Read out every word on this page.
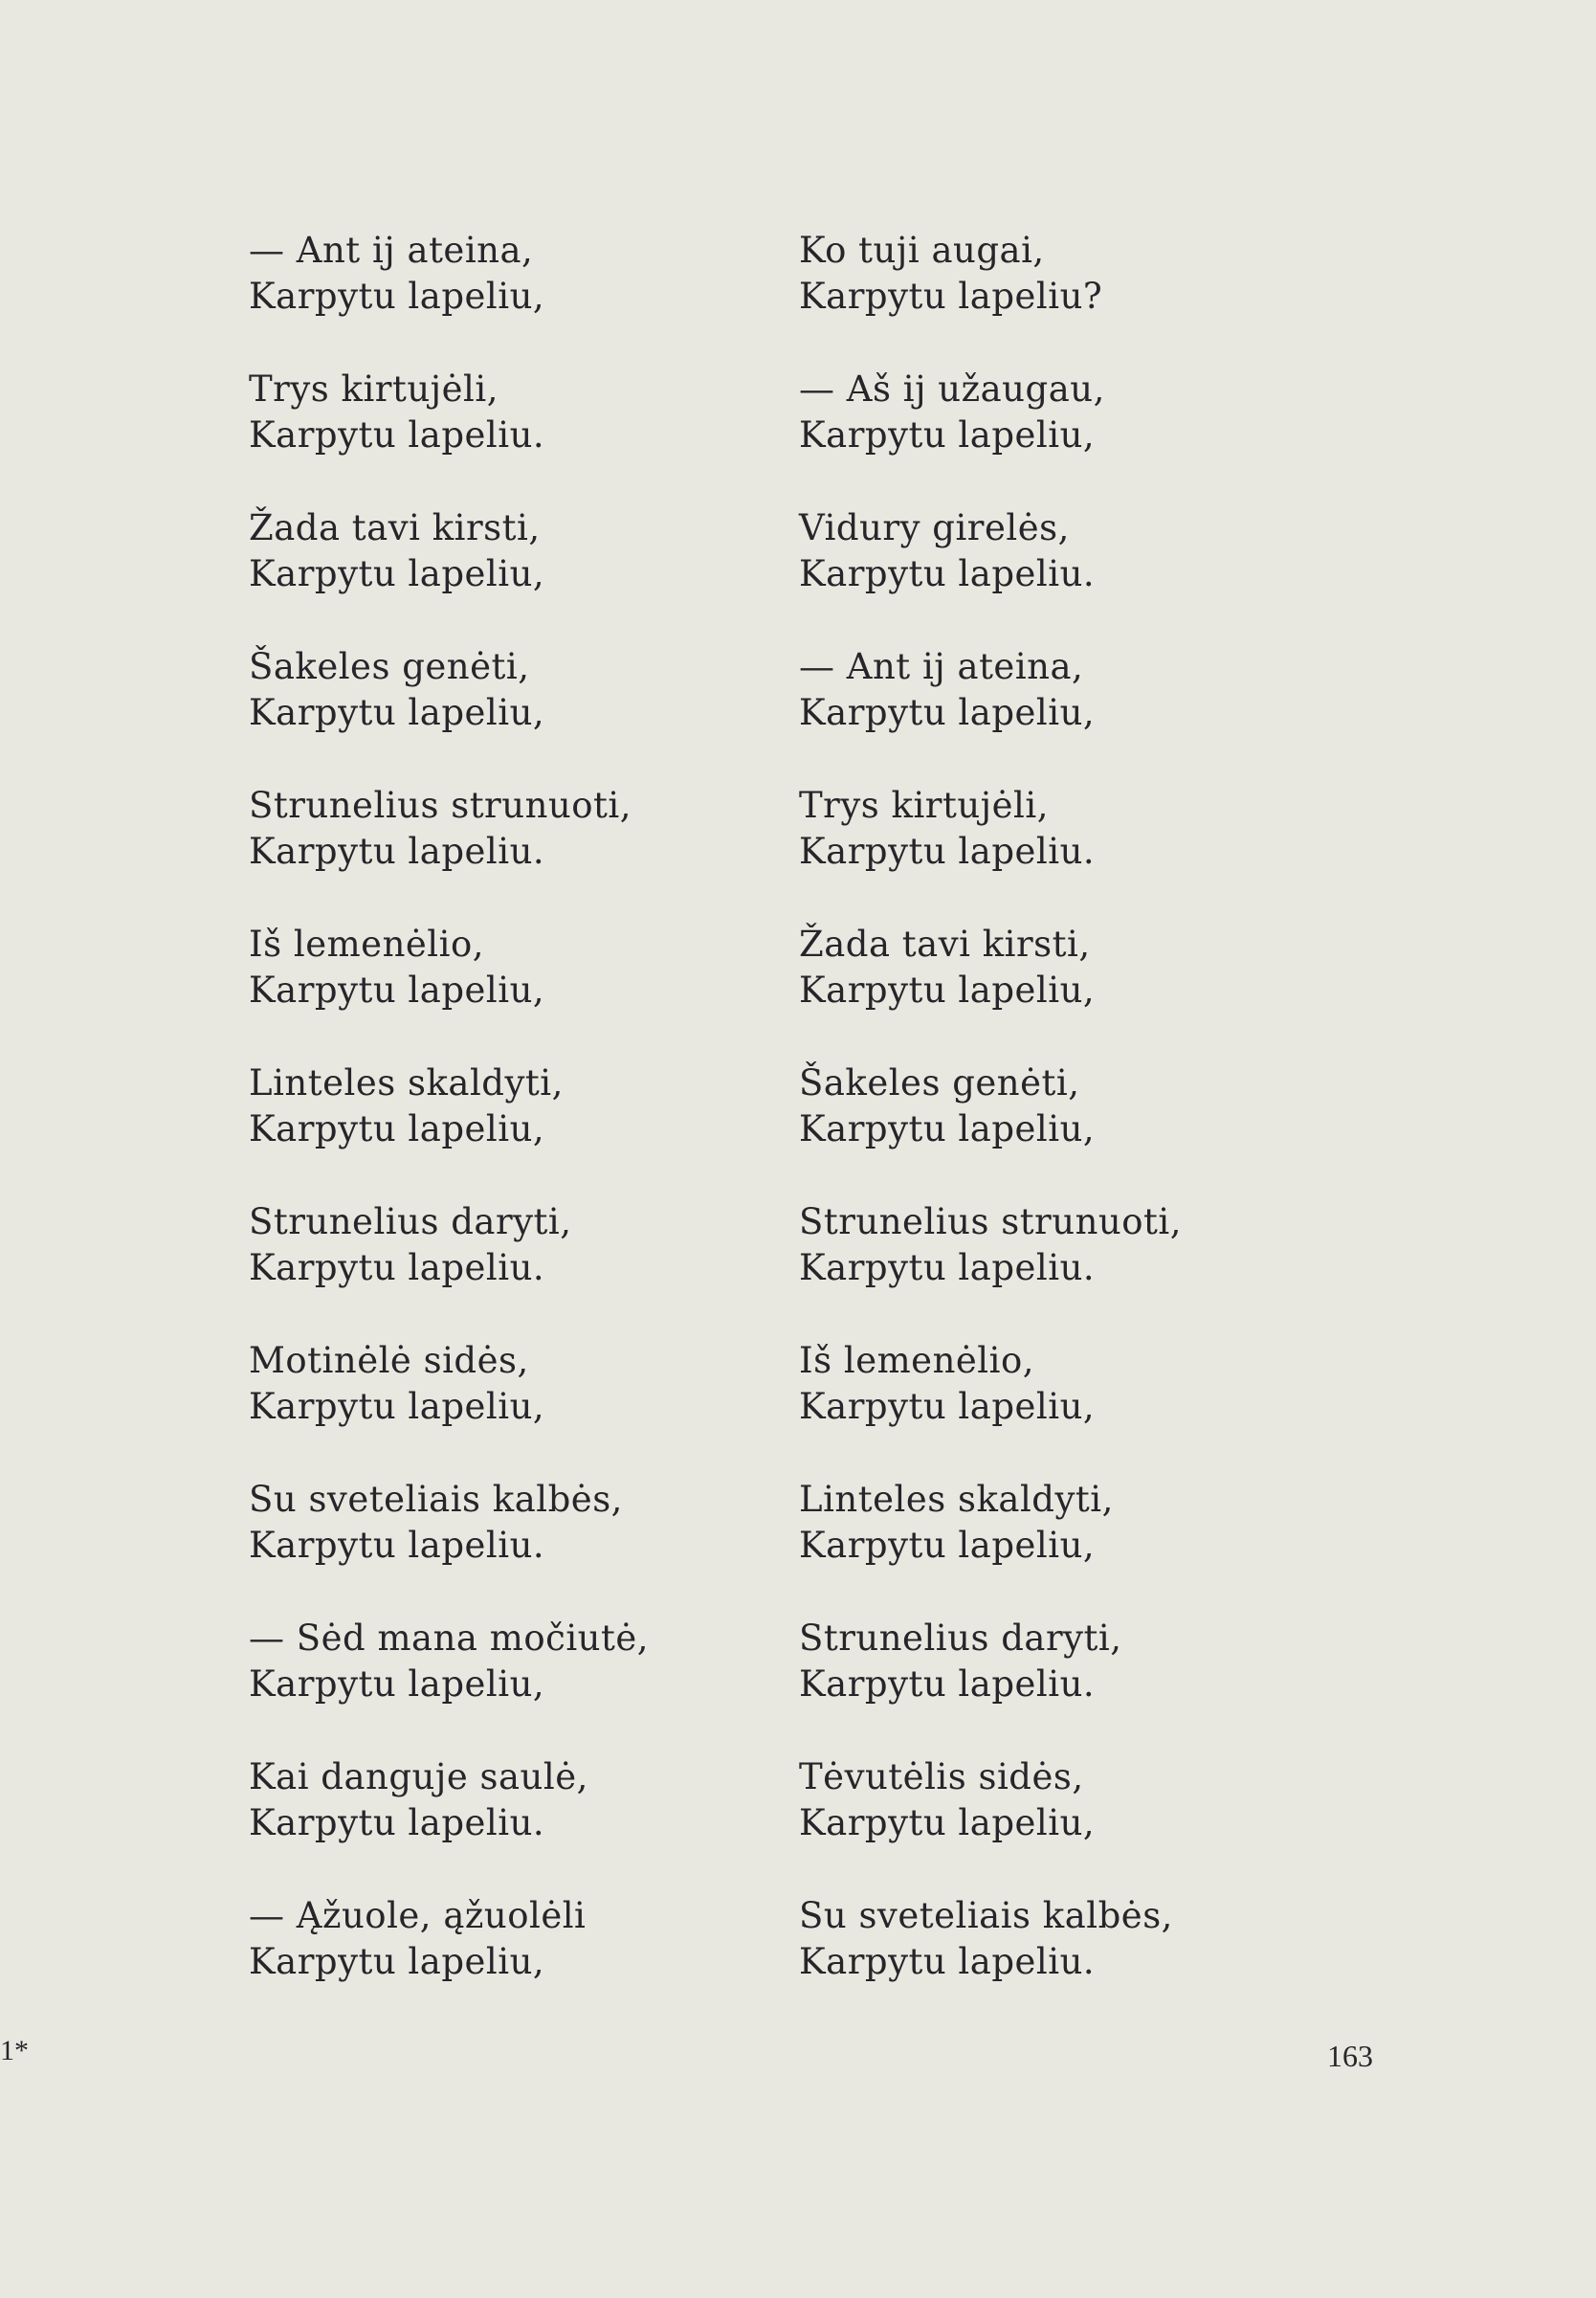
— Ant ij ateina,
Karpytu lapeliu,
Trys kirtujėli,
Karpytu lapeliu.
Žada tavi kirsti,
Karpytu lapeliu,
Šakeles genėti,
Karpytu lapeliu,
Strunelius strunuoti,
Karpytu lapeliu.
Iš lemenėlio,
Karpytu lapeliu,
Linteles skaldyti,
Karpytu lapeliu,
Strunelius daryti,
Karpytu lapeliu.
Motinėlė sidės,
Karpytu lapeliu,
Su sveteliais kalbės,
Karpytu lapeliu.
— Sėd mana močiutė,
Karpytu lapeliu,
Kai danguje saulė,
Karpytu lapeliu.
— Ąžuole, ąžuolėli
Karpytu lapeliu,
Ko tuji augai,
Karpytu lapeliu?
— Aš ij užaugau,
Karpytu lapeliu,
Vidury girelės,
Karpytu lapeliu.
— Ant ij ateina,
Karpytu lapeliu,
Trys kirtujėli,
Karpytu lapeliu.
Žada tavi kirsti,
Karpytu lapeliu,
Šakeles genėti,
Karpytu lapeliu,
Strunelius strunuoti,
Karpytu lapeliu.
Iš lemenėlio,
Karpytu lapeliu,
Linteles skaldyti,
Karpytu lapeliu,
Strunelius daryti,
Karpytu lapeliu.
Tėvutėlis sidės,
Karpytu lapeliu,
Su sveteliais kalbės,
Karpytu lapeliu.
1*	163
